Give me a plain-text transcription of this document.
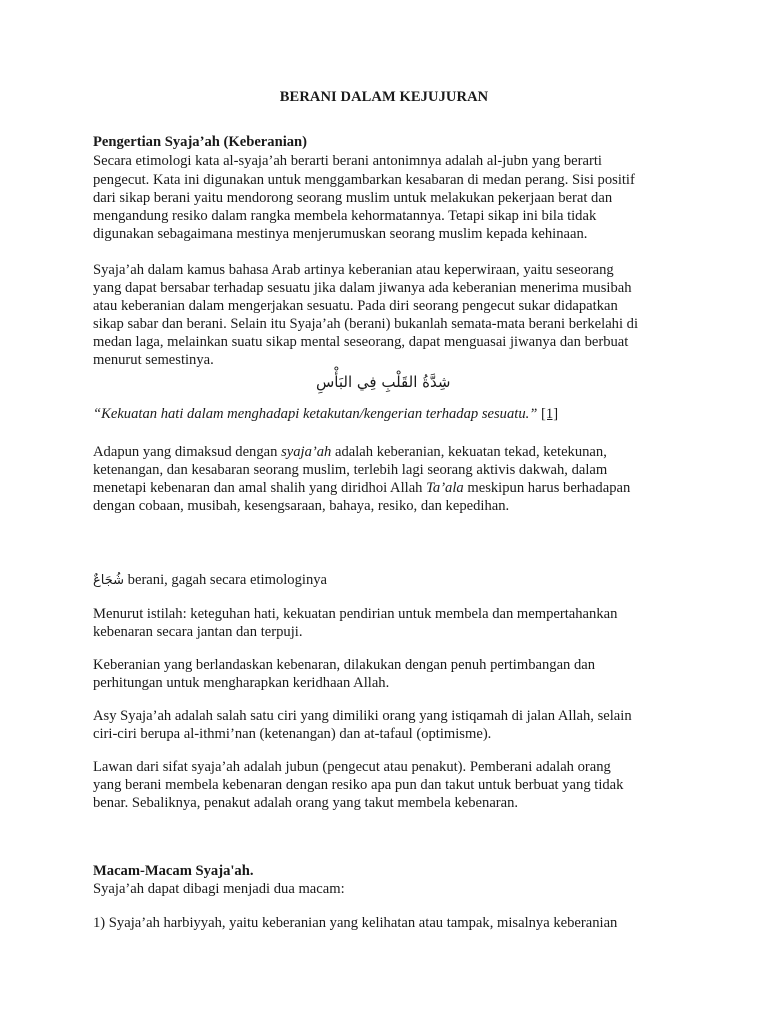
BERANI DALAM KEJUJURAN
Pengertian Syaja’ah (Keberanian)
Secara etimologi kata al-syaja’ah berarti berani antonimnya adalah al-jubn yang berarti
pengecut. Kata ini digunakan untuk menggambarkan kesabaran di medan perang. Sisi positif
dari sikap berani yaitu mendorong seorang muslim untuk melakukan pekerjaan berat dan
mengandung resiko dalam rangka membela kehormatannya. Tetapi sikap ini bila tidak
digunakan sebagaimana mestinya menjerumuskan seorang muslim kepada kehinaan.
Syaja’ah dalam kamus bahasa Arab artinya keberanian atau keperwiraan, yaitu seseorang
yang dapat bersabar terhadap sesuatu jika dalam jiwanya ada keberanian menerima musibah
atau keberanian dalam mengerjakan sesuatu. Pada diri seorang pengecut sukar didapatkan
sikap sabar dan berani. Selain itu Syaja’ah (berani) bukanlah semata-mata berani berkelahi di
medan laga, melainkan suatu sikap mental seseorang, dapat menguasai jiwanya dan berbuat
menurut semestinya.
شِدَّةُ القَلْبِ فِي البَأْسِ
“Kekuatan hati dalam menghadapi ketakutan/kengerian terhadap sesuatu.” [1]
Adapun yang dimaksud dengan syaja’ah adalah keberanian, kekuatan tekad, ketekunan,
ketenangan, dan kesabaran seorang muslim, terlebih lagi seorang aktivis dakwah, dalam
menetapi kebenaran dan amal shalih yang diridhoi Allah Ta’ala meskipun harus berhadapan
dengan cobaan, musibah, kesengsaraan, bahaya, resiko, dan kepedihan.
شُجَاعٌ berani, gagah secara etimologinya
Menurut istilah: keteguhan hati, kekuatan pendirian untuk membela dan mempertahankan
kebenaran secara jantan dan terpuji.
Keberanian yang berlandaskan kebenaran, dilakukan dengan penuh pertimbangan dan
perhitungan untuk mengharapkan keridhaan Allah.
Asy Syaja’ah adalah salah satu ciri yang dimiliki orang yang istiqamah di jalan Allah, selain
ciri-ciri berupa al-ithmi’nan (ketenangan) dan at-tafaul (optimisme).
Lawan dari sifat syaja’ah adalah jubun (pengecut atau penakut). Pemberani adalah orang
yang berani membela kebenaran dengan resiko apa pun dan takut untuk berbuat yang tidak
benar. Sebaliknya, penakut adalah orang yang takut membela kebenaran.
Macam-Macam Syaja'ah.
Syaja’ah dapat dibagi menjadi dua macam:
1) Syaja’ah harbiyyah, yaitu keberanian yang kelihatan atau tampak, misalnya keberanian
